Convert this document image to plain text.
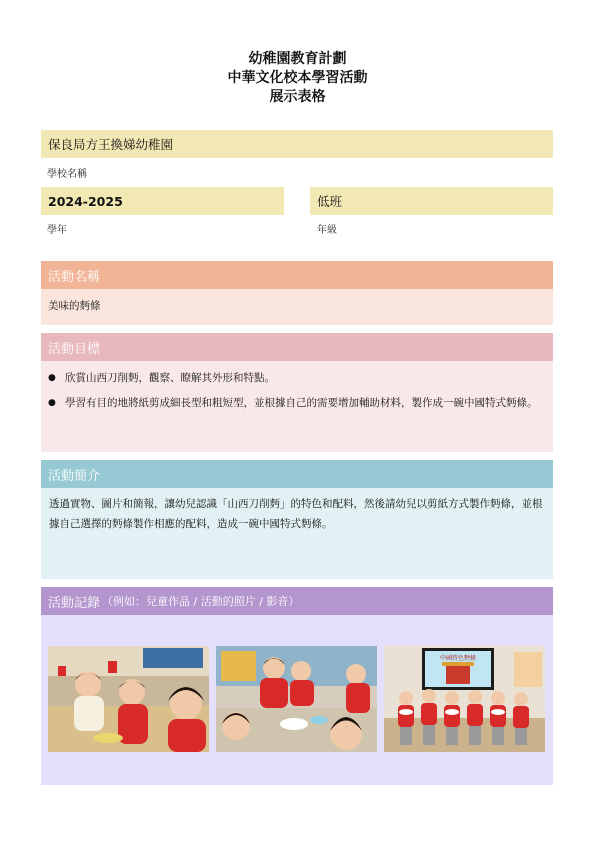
幼稚園教育計劃
中華文化校本學習活動
展示表格
保良局方王換娣幼稚園
學校名稱
2024-2025
學年
低班
年級
活動名稱
美味的麪條
活動目標
● 欣賞山西刀削麪，觀察、瞭解其外形和特點。
● 學習有目的地將紙剪成細長型和粗短型，並根據自己的需要增加輔助材料，製作成一碗中國特式麪條。
活動簡介
透過實物、圖片和簡報，讓幼兒認識「山西刀削麪」的特色和配料，然後請幼兒以剪紙方式製作麪條，並根據自己選擇的麪條製作相應的配料，造成一碗中國特式麪條。
活動記錄 （例如：兒童作品 / 活動的照片 / 影音）
中國特色麪條
